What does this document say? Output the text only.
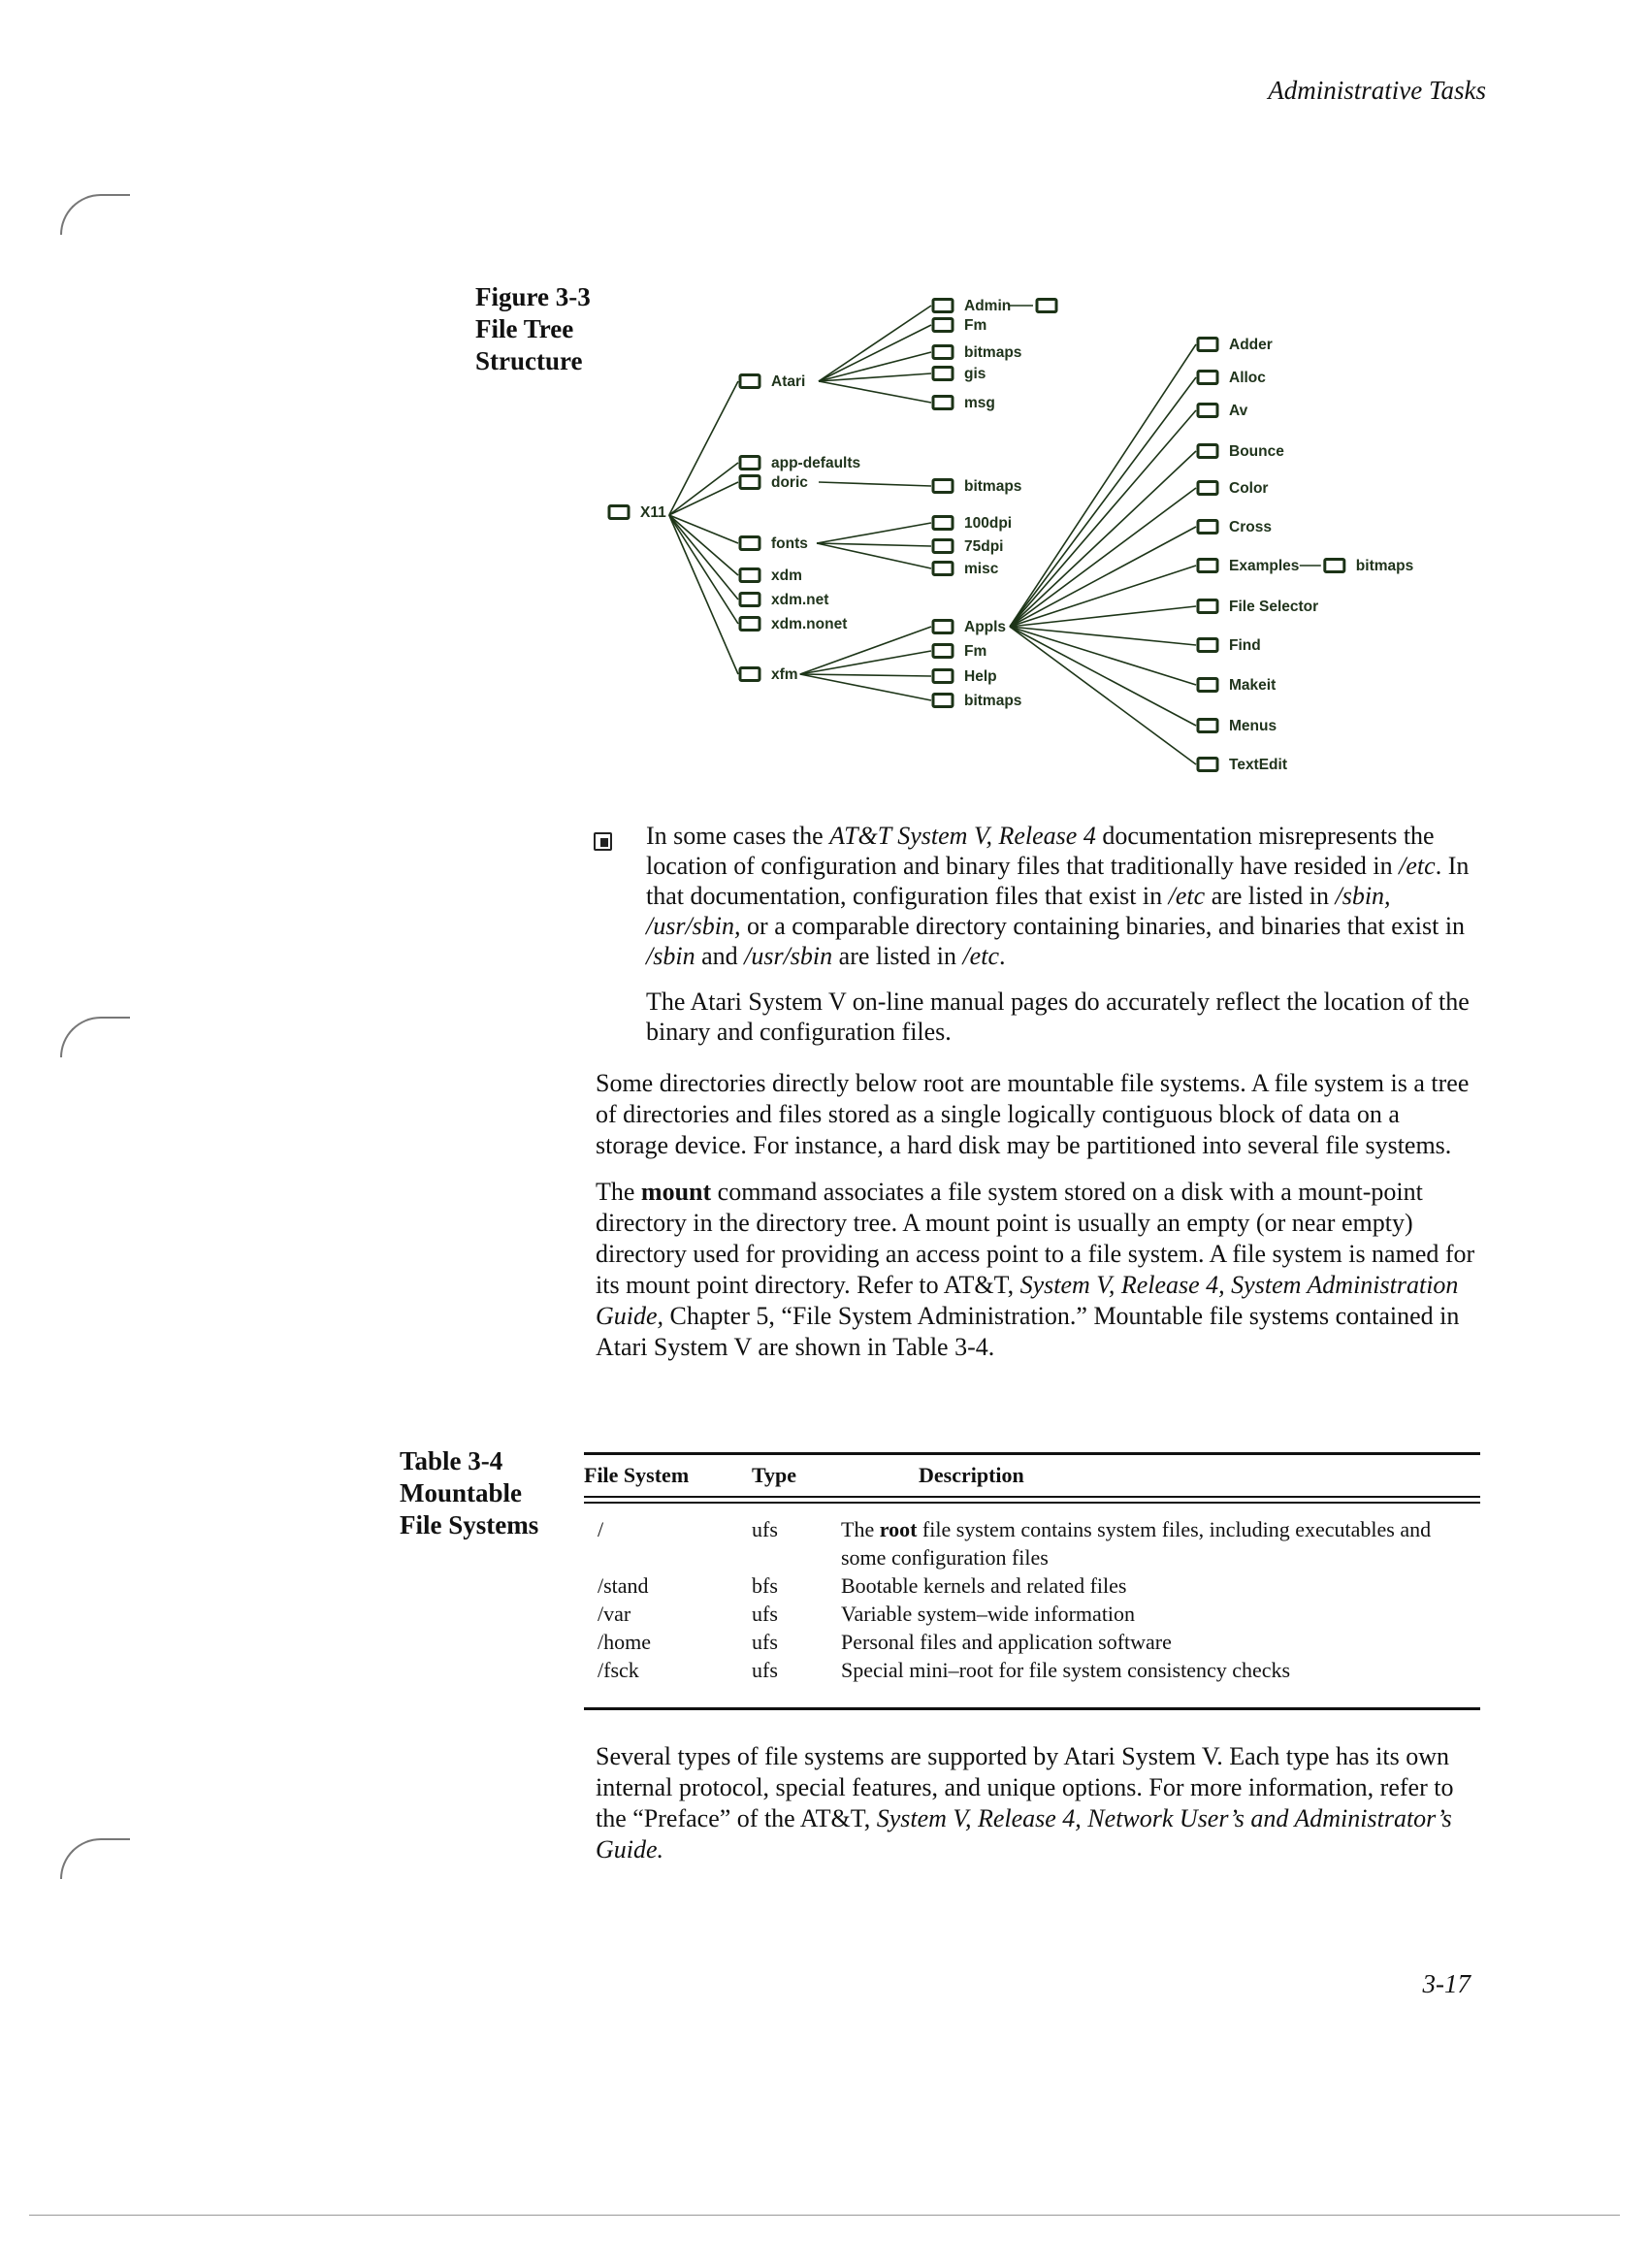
Administrative Tasks
Figure 3-3
File Tree
Structure
X11
Atari
app-defaults
doric
fonts
xdm
xdm.net
xdm.nonet
xfm
Admin
Fm
bitmaps
gis
msg
bitmaps
100dpi
75dpi
misc
Appls
Fm
Help
bitmaps
Adder
Alloc
Av
Bounce
Color
Cross
Examples
File Selector
Find
Makeit
Menus
TextEdit
bitmaps

In some cases the AT&T System V, Release 4 documentation misrepresents the location of configuration and binary files that traditionally have resided in /etc. In that documentation, configuration files that exist in /etc are listed in /sbin, /usr/sbin, or a comparable directory containing binaries, and binaries that exist in /sbin and /usr/sbin are listed in /etc.

The Atari System V on-line manual pages do accurately reflect the location of the binary and configuration files.

Some directories directly below root are mountable file systems. A file system is a tree of directories and files stored as a single logically contiguous block of data on a storage device. For instance, a hard disk may be partitioned into several file systems.

The mount command associates a file system stored on a disk with a mount-point directory in the directory tree. A mount point is usually an empty (or near empty) directory used for providing an access point to a file system. A file system is named for its mount point directory. Refer to AT&T, System V, Release 4, System Administration Guide, Chapter 5, “File System Administration.” Mountable file systems contained in Atari System V are shown in Table 3-4.

Table 3-4
Mountable
File Systems
File System	Type	Description

/	ufs	The root file system contains system files, including executables and some configuration files
/stand	bfs	Bootable kernels and related files
/var	ufs	Variable system–wide information
/home	ufs	Personal files and application software
/fsck	ufs	Special mini–root for file system consistency checks

Several types of file systems are supported by Atari System V. Each type has its own internal protocol, special features, and unique options. For more information, refer to the “Preface” of the AT&T, System V, Release 4, Network User’s and Administrator’s Guide.

3-17
